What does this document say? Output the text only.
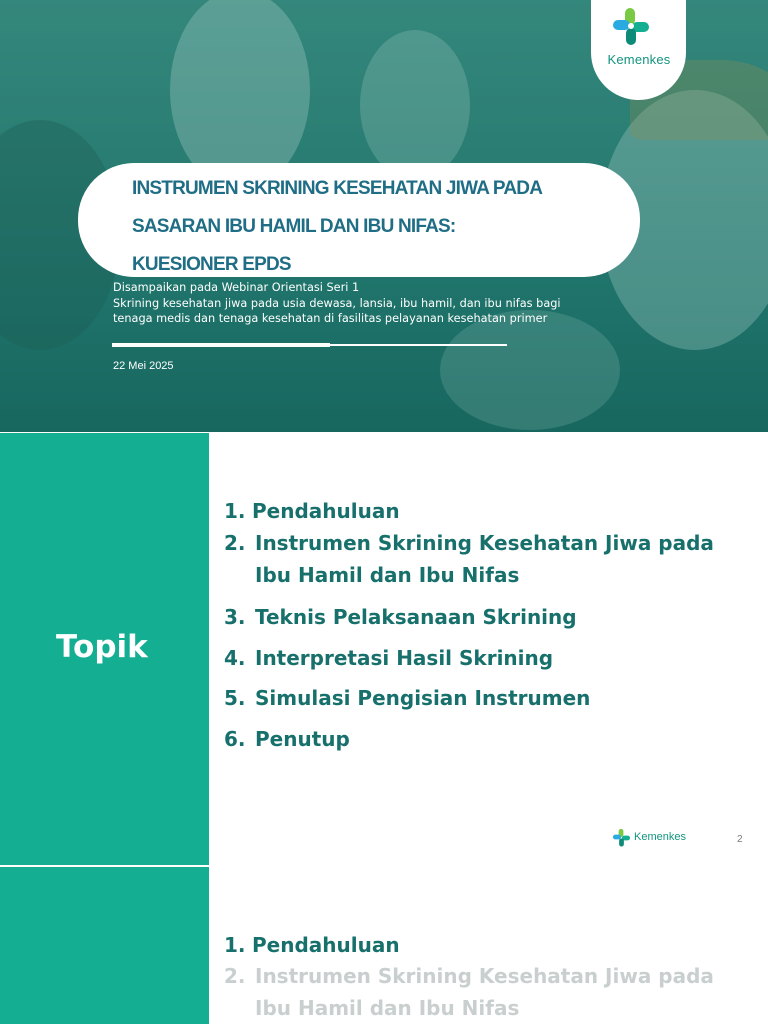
Kemenkes
INSTRUMEN SKRINING KESEHATAN JIWA PADA
SASARAN IBU HAMIL DAN IBU NIFAS:
KUESIONER EPDS
Disampaikan pada Webinar Orientasi Seri 1
Skrining kesehatan jiwa pada usia dewasa, lansia, ibu hamil, dan ibu nifas bagi
tenaga medis dan tenaga kesehatan di fasilitas pelayanan kesehatan primer
22 Mei 2025
Topik
1. Pendahuluan
2. Instrumen Skrining Kesehatan Jiwa pada
Ibu Hamil dan Ibu Nifas
3. Teknis Pelaksanaan Skrining
4. Interpretasi Hasil Skrining
5. Simulasi Pengisian Instrumen
6. Penutup
Kemenkes	2
1. Pendahuluan
2. Instrumen Skrining Kesehatan Jiwa pada
Ibu Hamil dan Ibu Nifas
